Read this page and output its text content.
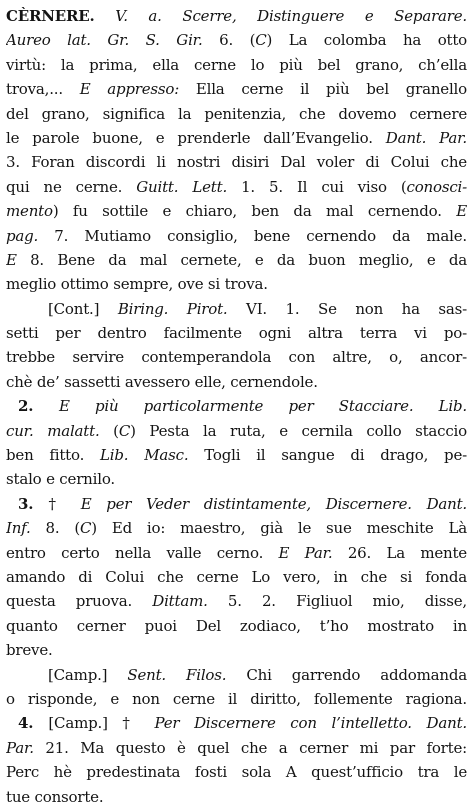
CÈRNERE. V. a. Scerre, Distinguere e Separare.
Aureo lat. Gr. S. Gir. 6. (C) La colomba ha otto
virtù: la prima, ella cerne lo più bel grano, ch’ella
trova,... E appresso: Ella cerne il più bel granello
del grano, significa la penitenzia, che dovemo cernere
le parole buone, e prenderle dall’Evangelio. Dant. Par.
3. Foran discordi li nostri disiri Dal voler di Colui che
qui ne cerne. Guitt. Lett. 1. 5. Il cui viso (conosci-
mento) fu sottile e chiaro, ben da mal cernendo. E
pag. 7. Mutiamo consiglio, bene cernendo da male.
E 8. Bene da mal cernete, e da buon meglio, e da
meglio ottimo sempre, ove si trova.
[Cont.] Biring. Pirot. VI. 1. Se non ha sas-
setti per dentro facilmente ogni altra terra vi po-
trebbe servire contemperandola con altre, o, ancor-
chè de’ sassetti avessero elle, cernendole.
2. E più particolarmente per Stacciare. Lib.
cur. malatt. (C) Pesta la ruta, e cernila collo staccio
ben fitto. Lib. Masc. Togli il sangue di drago, pe-
stalo e cernilo.
3. † E per Veder distintamente, Discernere. Dant.
Inf. 8. (C) Ed io: maestro, già le sue meschite Là
entro certo nella valle cerno. E Par. 26. La mente
amando di Colui che cerne Lo vero, in che si fonda
questa pruova. Dittam. 5. 2. Figliuol mio, disse,
quanto cerner puoi Del zodiaco, t’ho mostrato in
breve.
[Camp.] Sent. Filos. Chi garrendo addomanda
o risponde, e non cerne il diritto, follemente ragiona.
4. [Camp.] † Per Discernere con l’intelletto. Dant.
Par. 21. Ma questo è quel che a cerner mi par forte:
Perc hè predestinata fosti sola A quest’ufficio tra le
tue consorte.
